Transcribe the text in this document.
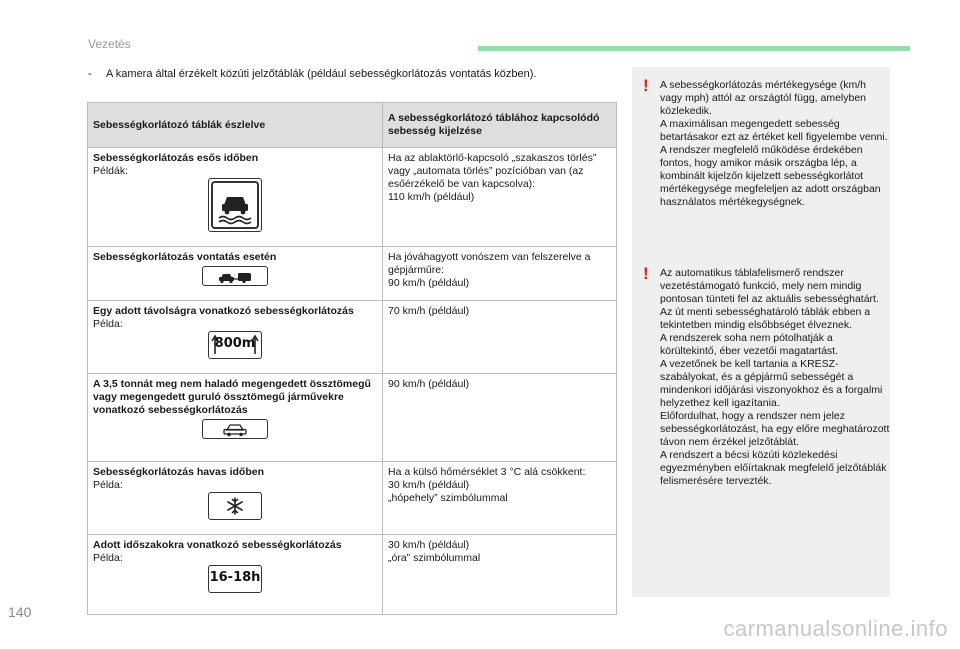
Vezetés
- A kamera által érzékelt közúti jelzőtáblák (például sebességkorlátozás vontatás közben).
Sebességkorlátozó táblák észlelve	A sebességkorlátozó táblához kapcsolódó sebesség kijelzése

Sebességkorlátozás esős időben
Példák:	Ha az ablaktörlő-kapcsoló „szakaszos törlés” vagy „automata törlés” pozícióban van (az esőérzékelő be van kapcsolva):
110 km/h (például)

Sebességkorlátozás vontatás esetén	Ha jóváhagyott vonószem van felszerelve a gépjárműre:
90 km/h (például)

Egy adott távolságra vonatkozó sebességkorlátozás
Példa:
800m	70 km/h (például)

A 3,5 tonnát meg nem haladó megengedett össztömegű vagy megengedett guruló össztömegű járművekre vonatkozó sebességkorlátozás	90 km/h (például)

Sebességkorlátozás havas időben
Példa:	Ha a külső hőmérséklet 3 °C alá csökkent:
30 km/h (például)
„hópehely” szimbólummal

Adott időszakokra vonatkozó sebességkorlátozás
Példa:
16-18h	30 km/h (például)
„óra” szimbólummal
! A sebességkorlátozás mértékegysége (km/h vagy mph) attól az országtól függ, amelyben közlekedik.
A maximálisan megengedett sebesség betartásakor ezt az értéket kell figyelembe venni.
A rendszer megfelelő működése érdekében fontos, hogy amikor másik országba lép, a kombinált kijelzőn kijelzett sebességkorlátot mértékegysége megfeleljen az adott országban használatos mértékegységnek.

! Az automatikus táblafelismerő rendszer vezetéstámogató funkció, mely nem mindig pontosan tünteti fel az aktuális sebességhatárt.
Az út menti sebességhatároló táblák ebben a tekintetben mindig elsőbbséget élveznek.
A rendszerek soha nem pótolhatják a körültekintő, éber vezetői magatartást.
A vezetőnek be kell tartania a KRESZ-szabályokat, és a gépjármű sebességét a mindenkori időjárási viszonyokhoz és a forgalmi helyzethez kell igazítania.
Előfordulhat, hogy a rendszer nem jelez sebességkorlátozást, ha egy előre meghatározott távon nem érzékel jelzőtáblát.
A rendszert a bécsi közúti közlekedési egyezményben előírtaknak megfelelő jelzőtáblák felismerésére tervezték.

140
carmanualsonline.info
